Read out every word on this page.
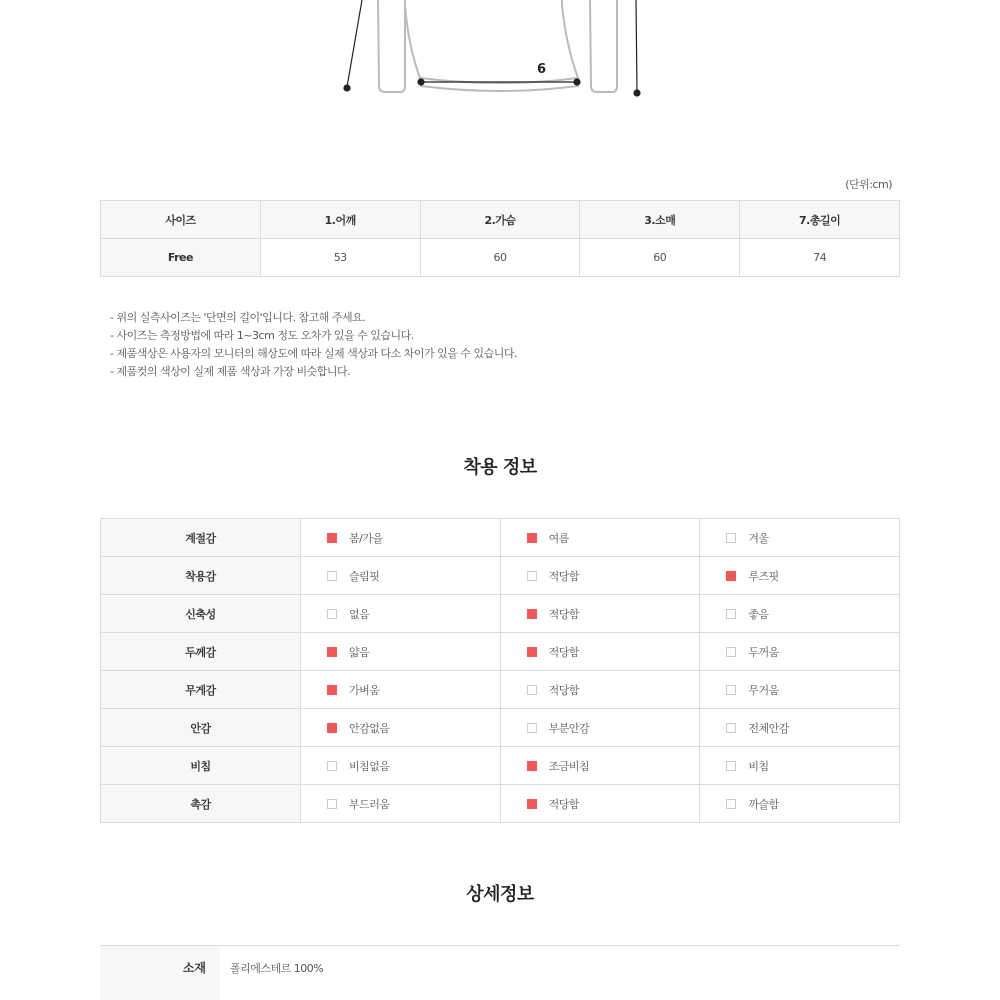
6
(단위:cm)
사이즈	1.어깨	2.가슴	3.소매	7.총길이
Free	53	60	60	74
- 위의 실측사이즈는 '단면의 길이'입니다. 참고해 주세요.
- 사이즈는 측정방법에 따라 1~3cm 정도 오차가 있을 수 있습니다.
- 제품색상은 사용자의 모니터의 해상도에 따라 실제 색상과 다소 차이가 있을 수 있습니다.
- 제품컷의 색상이 실제 제품 색상과 가장 비슷합니다.
착용 정보
계절감	봄/가을	여름	겨울
착용감	슬림핏	적당함	루즈핏
신축성	없음	적당함	좋음
두께감	얇음	적당함	두꺼움
무게감	가벼움	적당함	무거움
안감	안감없음	부분안감	전체안감
비침	비침없음	조금비침	비침
촉감	부드러움	적당함	까슬함
상세정보
소재	폴리에스테르 100%
